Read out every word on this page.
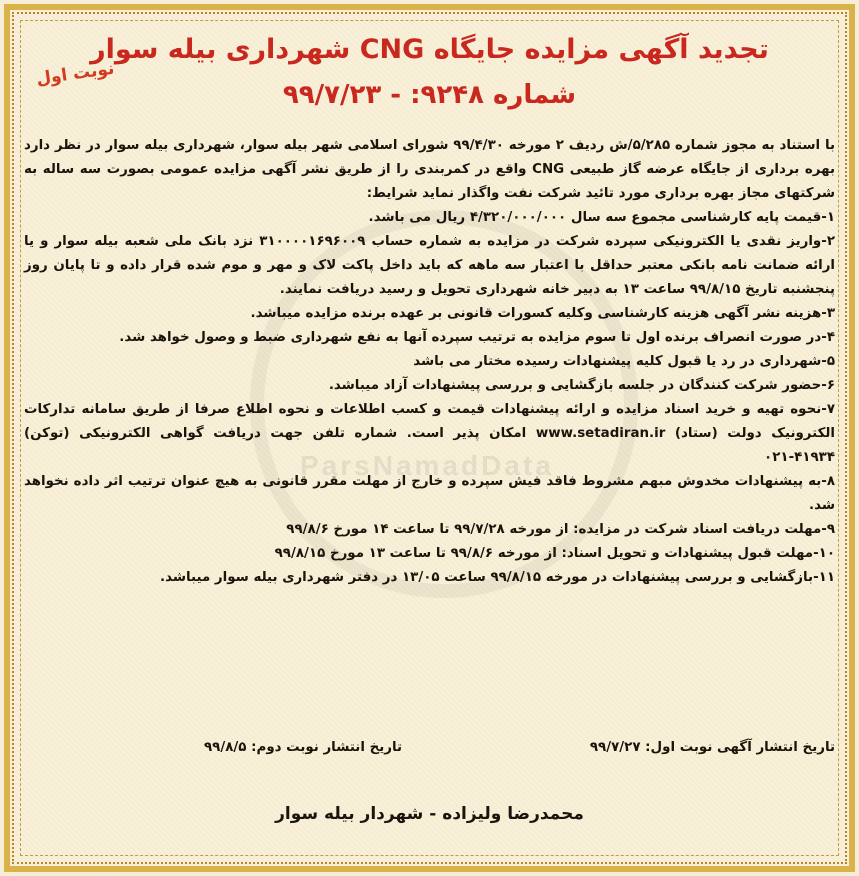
نوبت اول
تجدید آگهی مزایده جایگاه CNG شهرداری بیله سوار
شماره ۹۲۴۸: - ۹۹/۷/۲۳

با استناد به مجوز شماره ۵/۲۸۵/ش ردیف ۲ مورخه ۹۹/۴/۳۰ شورای اسلامی شهر بیله سوار، شهرداری بیله سوار در نظر دارد بهره برداری از جایگاه عرضه گاز طبیعی CNG واقع در کمربندی را از طریق نشر آگهی مزایده عمومی بصورت سه ساله به شرکتهای مجاز بهره برداری مورد تائید شرکت نفت واگذار نماید شرایط:

۱-قیمت پایه کارشناسی مجموع سه سال ۴/۳۲۰/۰۰۰/۰۰۰ ریال می باشد.

۲-واریز نقدی یا الکترونیکی سپرده شرکت در مزایده به شماره حساب ۳۱۰۰۰۰۱۶۹۶۰۰۹ نزد بانک ملی شعبه بیله سوار و یا ارائه ضمانت نامه بانکی معتبر حداقل با اعتبار سه ماهه که باید داخل پاکت لاک و مهر و موم شده قرار داده و تا پایان روز پنجشنبه تاریخ ۹۹/۸/۱۵ ساعت ۱۳ به دبیر خانه شهرداری تحویل و رسید دریافت نمایند.

۳-هزینه نشر آگهی هزینه کارشناسی وکلیه کسورات قانونی بر عهده برنده مزایده میباشد.

۴-در صورت انصراف برنده اول تا سوم مزایده به ترتیب سپرده آنها به نفع شهرداری ضبط و وصول خواهد شد.

۵-شهرداری در رد یا قبول کلیه پیشنهادات رسیده مختار می باشد

۶-حضور شرکت کنندگان در جلسه بازگشایی و بررسی پیشنهادات آزاد میباشد.

۷-نحوه تهیه و خرید اسناد مزایده و ارائه پیشنهادات قیمت و کسب اطلاعات و نحوه اطلاع صرفا از طریق سامانه تدارکات الکترونیک دولت (ستاد) www.setadiran.ir امکان پذیر است. شماره تلفن جهت دریافت گواهی الکترونیکی (توکن) ۴۱۹۳۴-۰۲۱

۸-به پیشنهادات مخدوش مبهم مشروط فاقد فیش سپرده و خارج از مهلت مقرر قانونی به هیچ عنوان ترتیب اثر داده نخواهد شد.

۹-مهلت دریافت اسناد شرکت در مزایده: از مورخه ۹۹/۷/۲۸ تا ساعت ۱۴ مورخ ۹۹/۸/۶

۱۰-مهلت قبول پیشنهادات و تحویل اسناد: از مورخه ۹۹/۸/۶ تا ساعت ۱۳ مورخ ۹۹/۸/۱۵

۱۱-بازگشایی و بررسی پیشنهادات در مورخه ۹۹/۸/۱۵ ساعت ۱۳/۰۵ در دفتر شهرداری بیله سوار میباشد.

تاریخ انتشار آگهی نوبت اول: ۹۹/۷/۲۷
تاریخ انتشار نوبت دوم: ۹۹/۸/۵
محمدرضا ولیزاده - شهردار بیله سوار
